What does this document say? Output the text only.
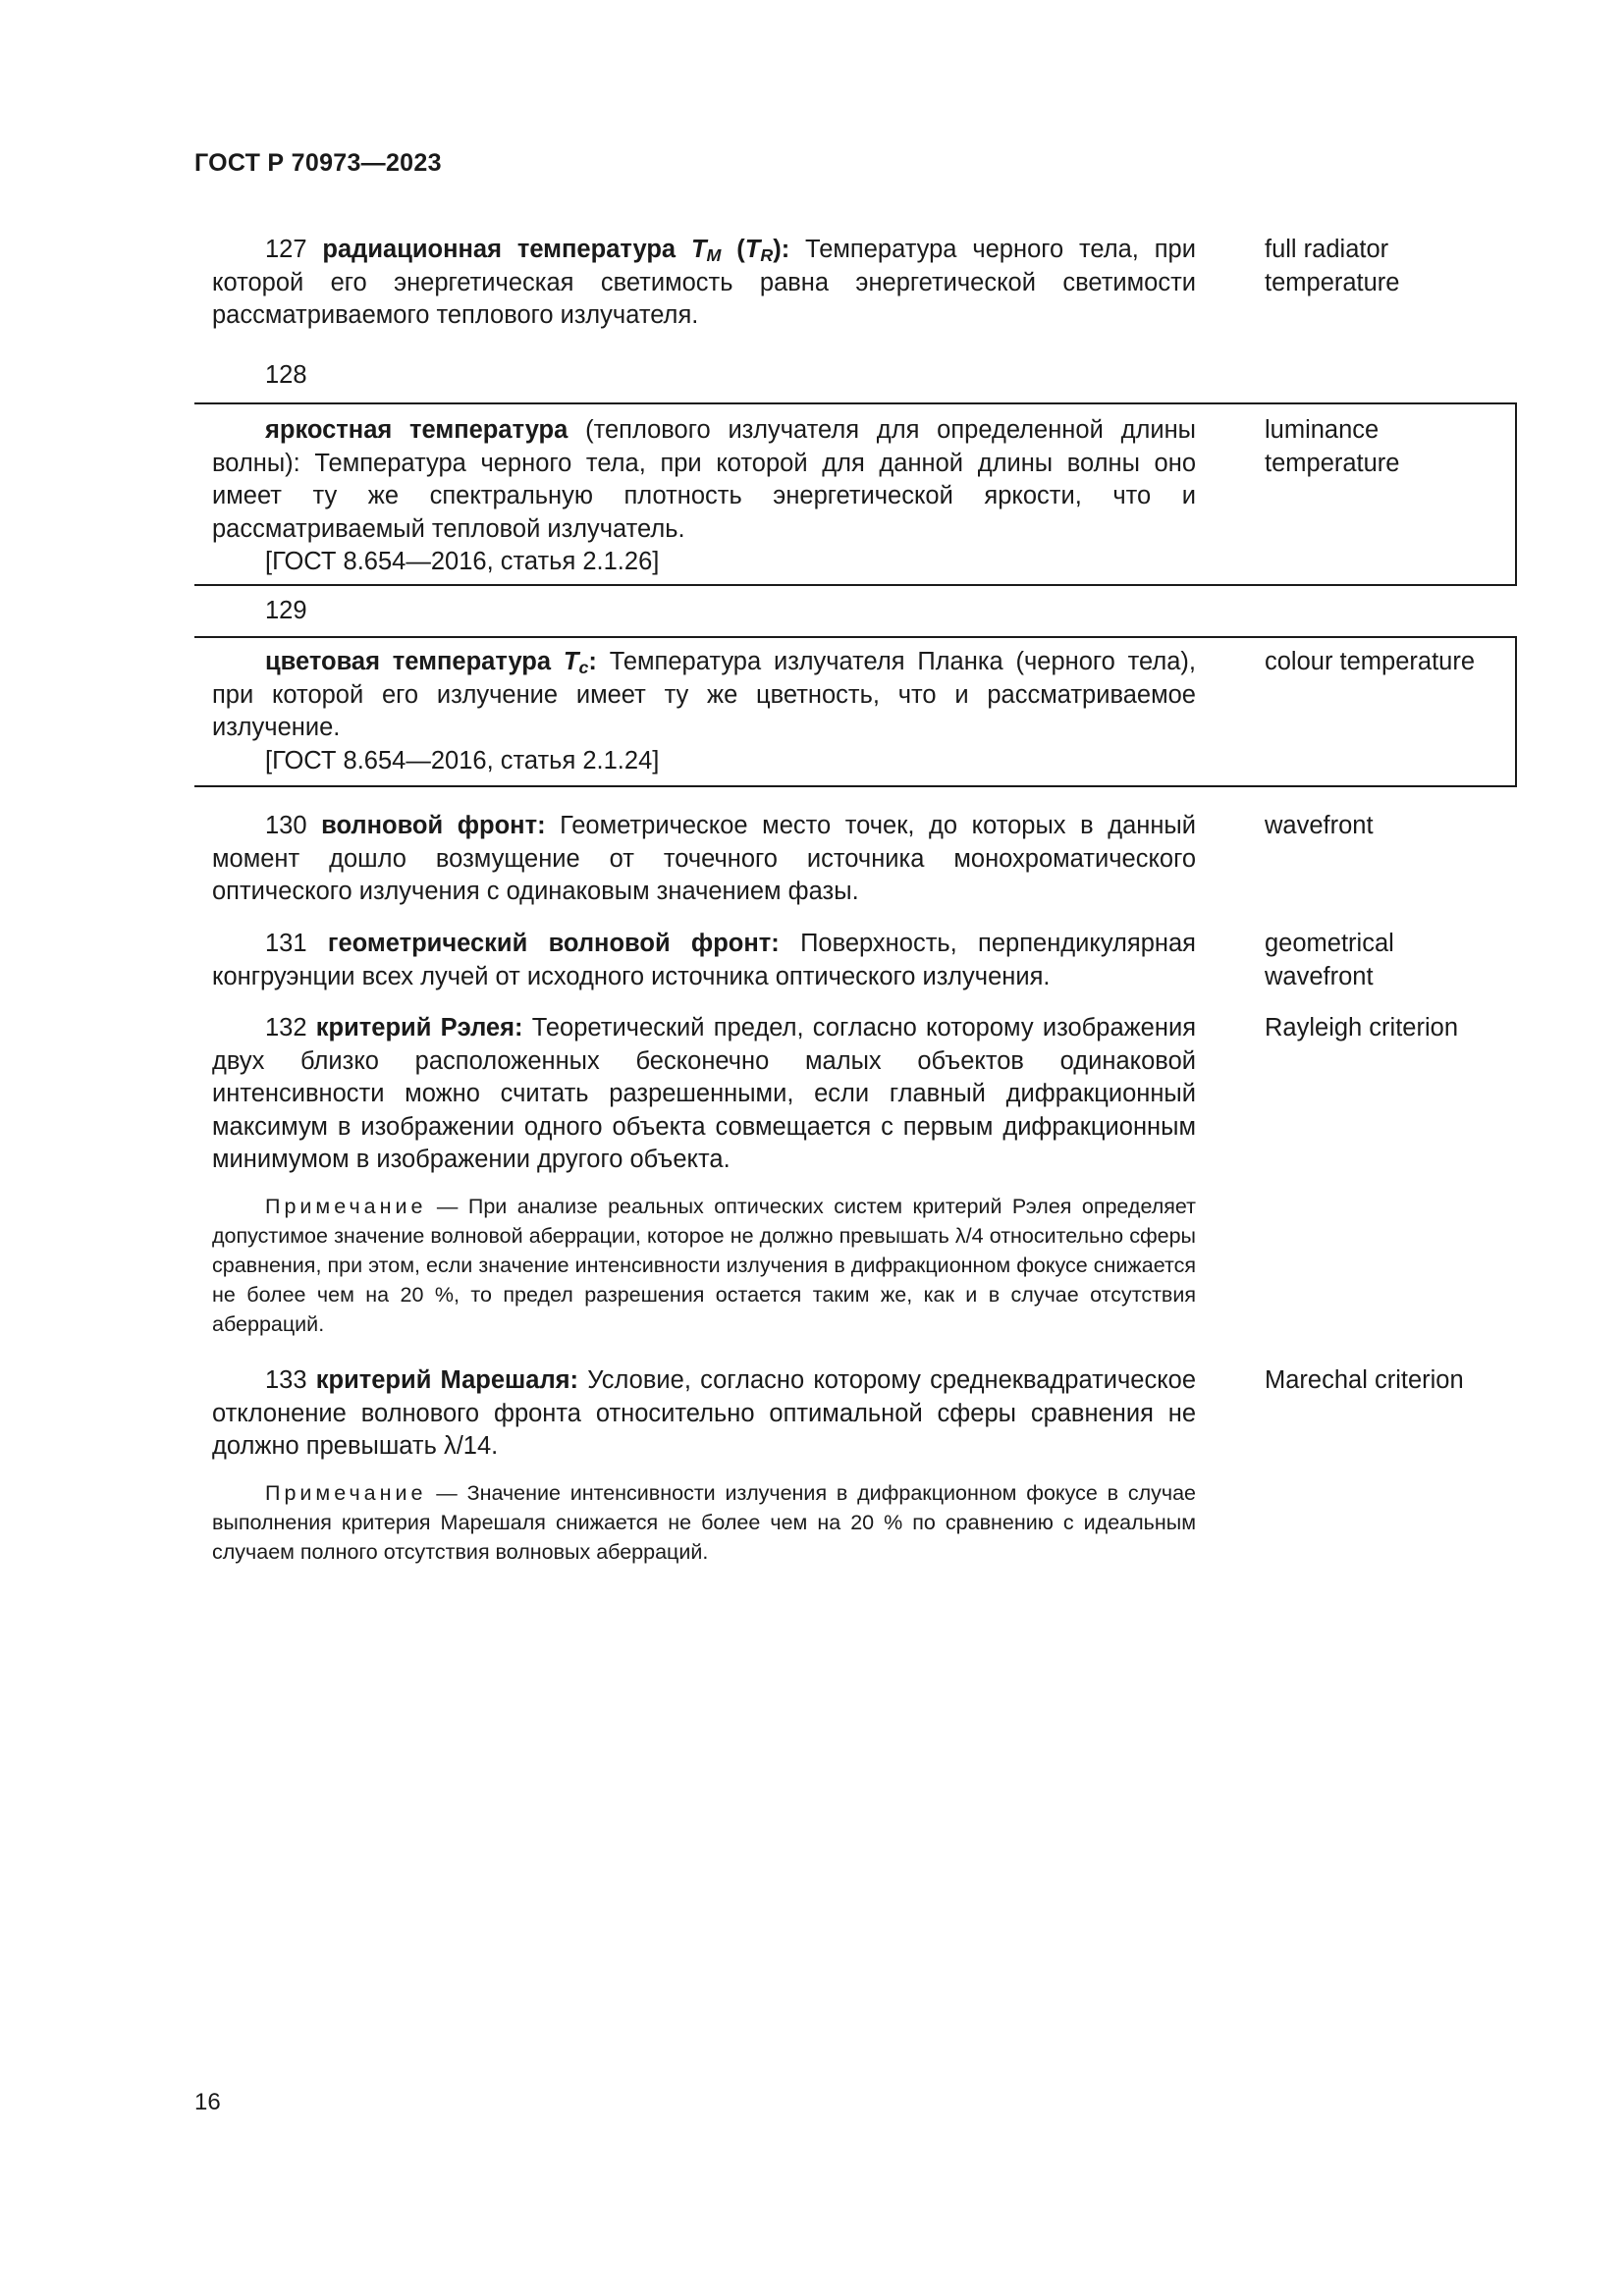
ГОСТ Р 70973—2023

127 радиационная температура $T_M$ $(T_R)$: Температура черного тела, при которой его энергетическая светимость равна энергетической светимости рассматриваемого теплового излучателя.

full radiator
temperature
128

яркостная температура (теплового излучателя для определенной длины волны): Температура черного тела, при которой для данной длины волны оно имеет ту же спектральную плотность энергетической яркости, что и рассматриваемый тепловой излучатель.

[ГОСТ 8.654—2016, статья 2.1.26]

luminance
temperature
129

цветовая температура $T_c$: Температура излучателя Планка (черного тела), при которой его излучение имеет ту же цветность, что и рассматриваемое излучение.

[ГОСТ 8.654—2016, статья 2.1.24]

colour temperature

130 волновой фронт: Геометрическое место точек, до которых в данный момент дошло возмущение от точечного источника монохроматического оптического излучения с одинаковым значением фазы.

wavefront

131 геометрический волновой фронт: Поверхность, перпендикулярная конгруэнции всех лучей от исходного источника оптического излучения.

geometrical
wavefront

132 критерий Рэлея: Теоретический предел, согласно которому изображения двух близко расположенных бесконечно малых объектов одинаковой интенсивности можно считать разрешенными, если главный дифракционный максимум в изображении одного объекта совмещается с первым дифракционным минимумом в изображении другого объекта.

Rayleigh criterion

Примечание — При анализе реальных оптических систем критерий Рэлея определяет допустимое значение волновой аберрации, которое не должно превышать λ/4 относительно сферы сравнения, при этом, если значение интенсивности излучения в дифракционном фокусе снижается не более чем на 20 %, то предел разрешения остается таким же, как и в случае отсутствия аберраций.

133 критерий Марешаля: Условие, согласно которому среднеквадратическое отклонение волнового фронта относительно оптимальной сферы сравнения не должно превышать λ/14.

Marechal criterion

Примечание — Значение интенсивности излучения в дифракционном фокусе в случае выполнения критерия Марешаля снижается не более чем на 20 % по сравнению с идеальным случаем полного отсутствия волновых аберраций.

16
